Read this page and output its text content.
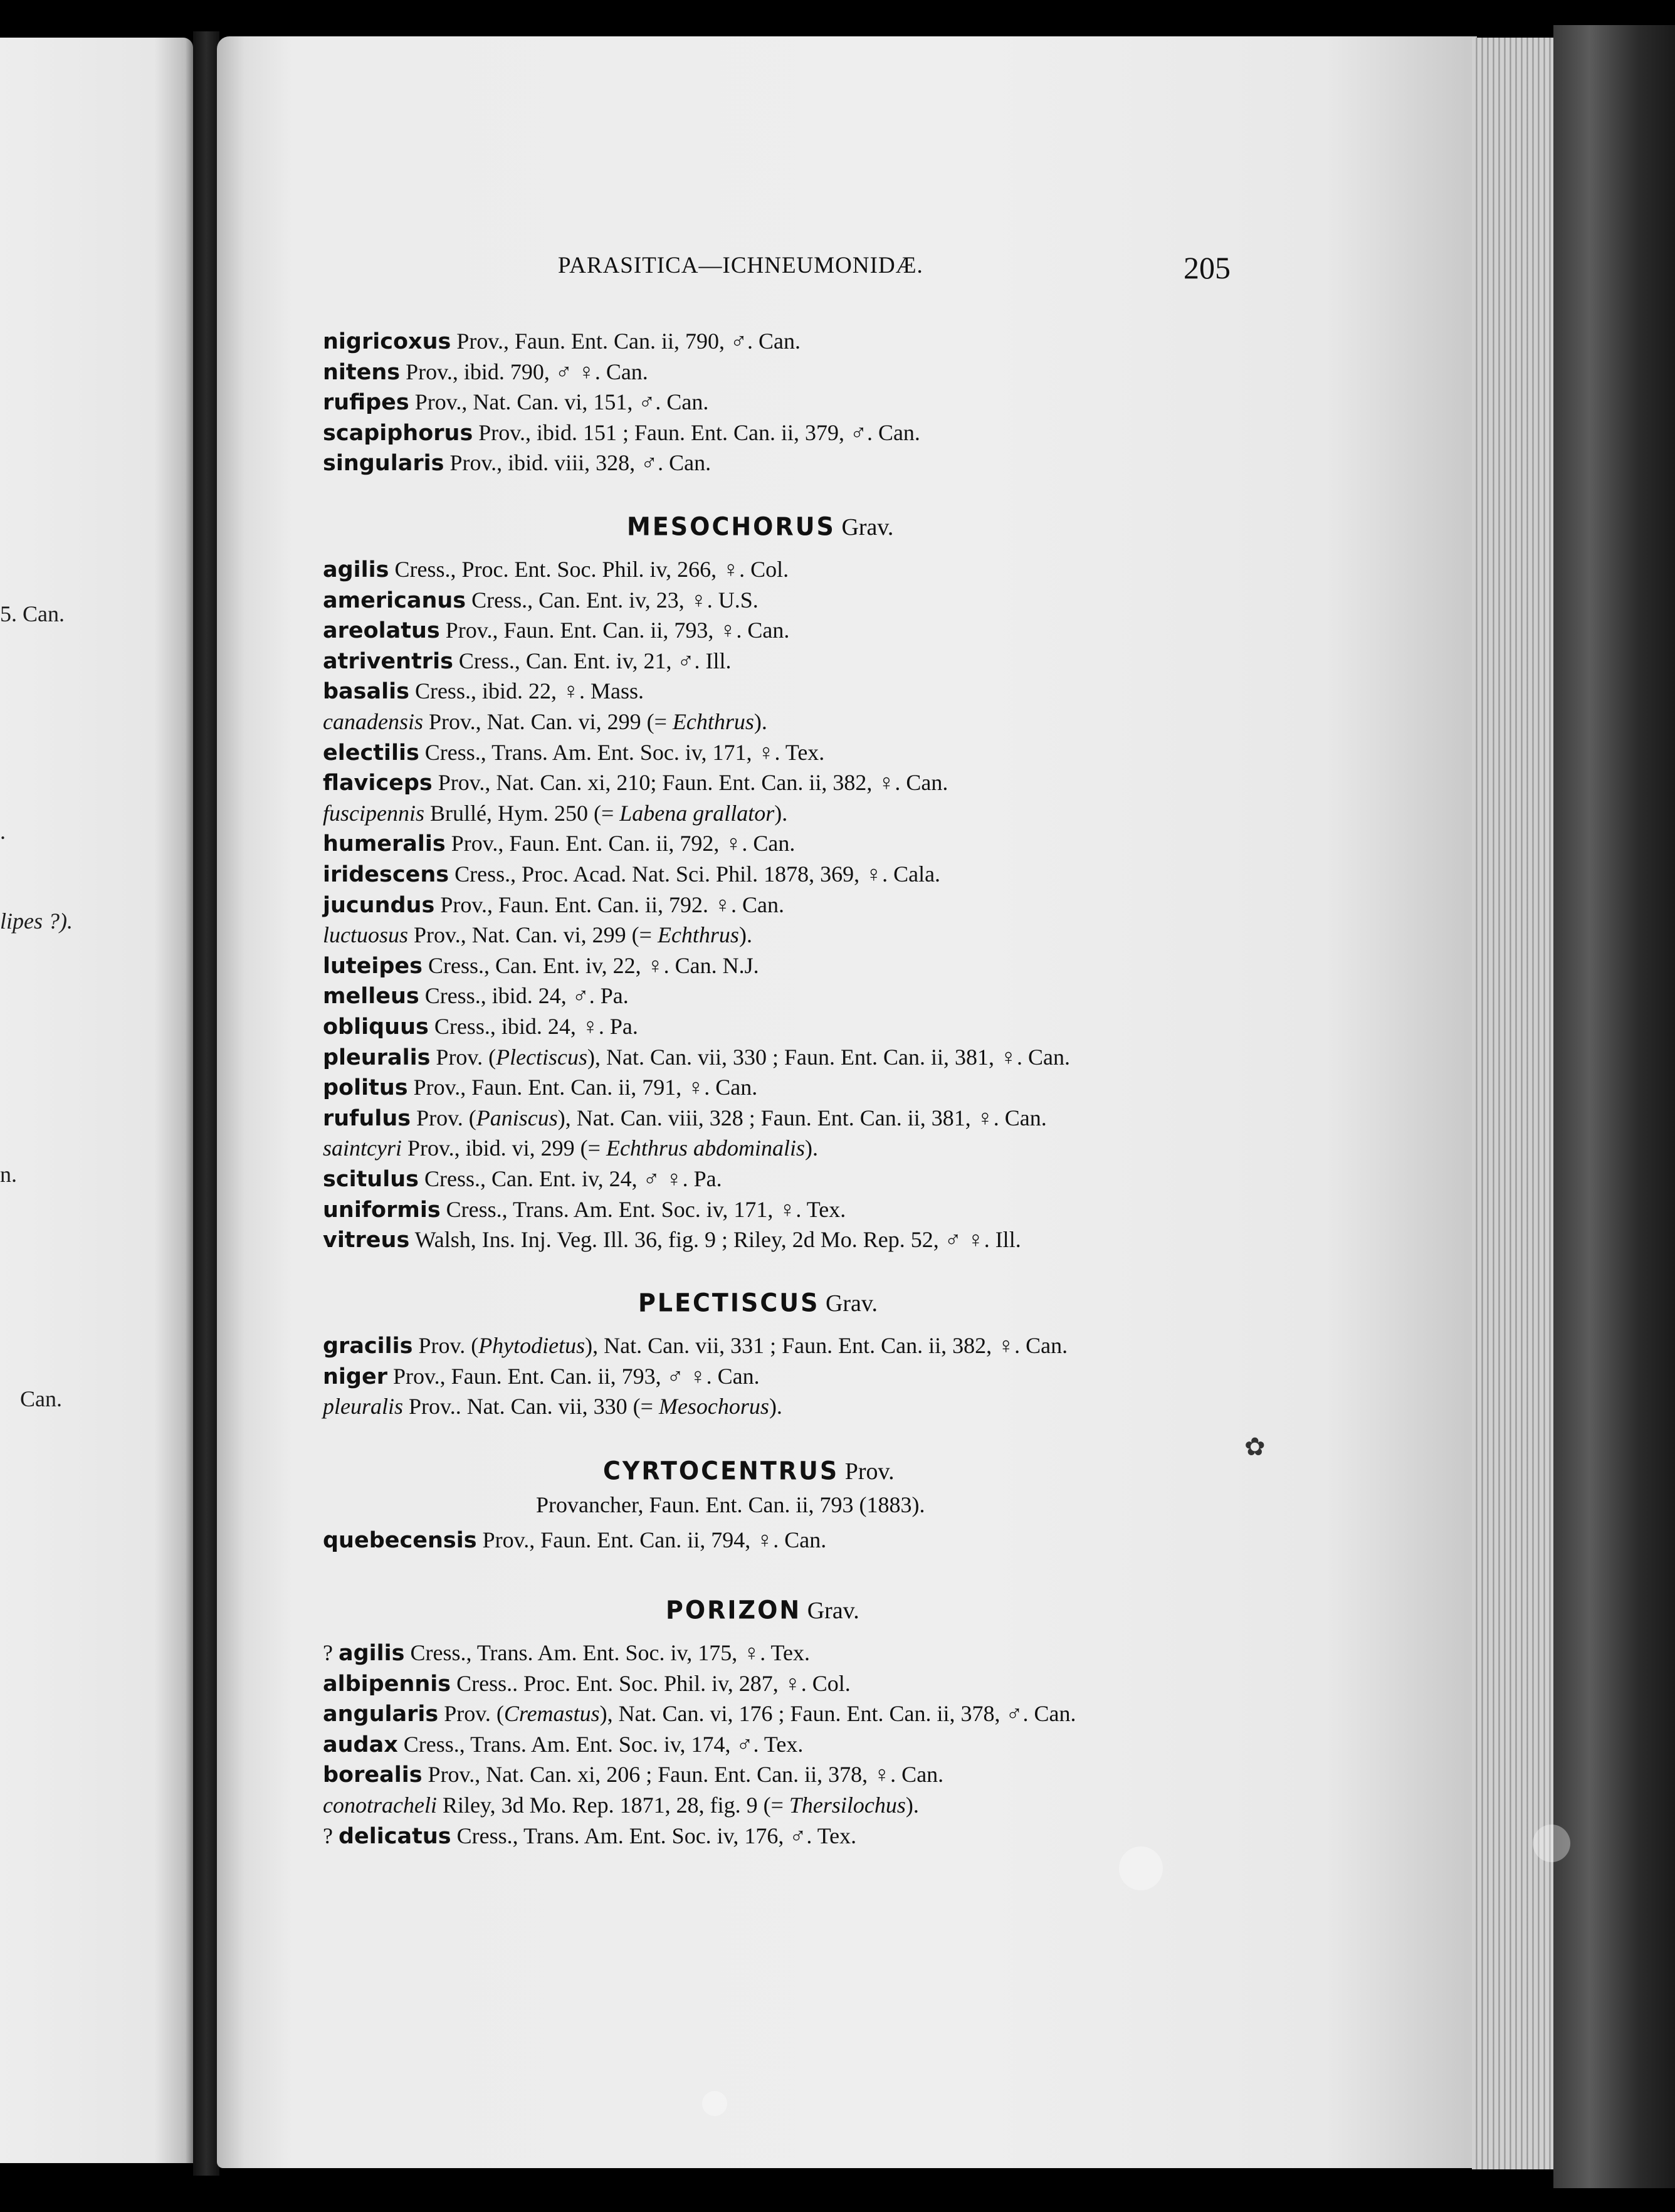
5. Can.
.
lipes ?).
n.
Can.
PARASITICA—ICHNEUMONIDÆ.	205
nigricoxus Prov., Faun. Ent. Can. ii, 790, ♂. Can.
nitens Prov., ibid. 790, ♂ ♀. Can.
rufipes Prov., Nat. Can. vi, 151, ♂. Can.
scapiphorus Prov., ibid. 151 ; Faun. Ent. Can. ii, 379, ♂. Can.
singularis Prov., ibid. viii, 328, ♂. Can.
MESOCHORUS Grav.
agilis Cress., Proc. Ent. Soc. Phil. iv, 266, ♀. Col.
americanus Cress., Can. Ent. iv, 23, ♀. U.S.
areolatus Prov., Faun. Ent. Can. ii, 793, ♀. Can.
atriventris Cress., Can. Ent. iv, 21, ♂. Ill.
basalis Cress., ibid. 22, ♀. Mass.
canadensis Prov., Nat. Can. vi, 299 (= Echthrus).
electilis Cress., Trans. Am. Ent. Soc. iv, 171, ♀. Tex.
flaviceps Prov., Nat. Can. xi, 210; Faun. Ent. Can. ii, 382, ♀. Can.
fuscipennis Brullé, Hym. 250 (= Labena grallator).
humeralis Prov., Faun. Ent. Can. ii, 792, ♀. Can.
iridescens Cress., Proc. Acad. Nat. Sci. Phil. 1878, 369, ♀. Cala.
jucundus Prov., Faun. Ent. Can. ii, 792. ♀. Can.
luctuosus Prov., Nat. Can. vi, 299 (= Echthrus).
luteipes Cress., Can. Ent. iv, 22, ♀. Can. N.J.
melleus Cress., ibid. 24, ♂. Pa.
obliquus Cress., ibid. 24, ♀. Pa.
pleuralis Prov. (Plectiscus), Nat. Can. vii, 330 ; Faun. Ent. Can. ii, 381, ♀. Can.
politus Prov., Faun. Ent. Can. ii, 791, ♀. Can.
rufulus Prov. (Paniscus), Nat. Can. viii, 328 ; Faun. Ent. Can. ii, 381, ♀. Can.
saintcyri Prov., ibid. vi, 299 (= Echthrus abdominalis).
scitulus Cress., Can. Ent. iv, 24, ♂ ♀. Pa.
uniformis Cress., Trans. Am. Ent. Soc. iv, 171, ♀. Tex.
vitreus Walsh, Ins. Inj. Veg. Ill. 36, fig. 9 ; Riley, 2d Mo. Rep. 52, ♂ ♀. Ill.
PLECTISCUS Grav.
gracilis Prov. (Phytodietus), Nat. Can. vii, 331 ; Faun. Ent. Can. ii, 382, ♀. Can.
niger Prov., Faun. Ent. Can. ii, 793, ♂ ♀. Can.
pleuralis Prov.. Nat. Can. vii, 330 (= Mesochorus).
CYRTOCENTRUS Prov.
Provancher, Faun. Ent. Can. ii, 793 (1883).
quebecensis Prov., Faun. Ent. Can. ii, 794, ♀. Can.
PORIZON Grav.
? agilis Cress., Trans. Am. Ent. Soc. iv, 175, ♀. Tex.
albipennis Cress.. Proc. Ent. Soc. Phil. iv, 287, ♀. Col.
angularis Prov. (Cremastus), Nat. Can. vi, 176 ; Faun. Ent. Can. ii, 378, ♂. Can.
audax Cress., Trans. Am. Ent. Soc. iv, 174, ♂. Tex.
borealis Prov., Nat. Can. xi, 206 ; Faun. Ent. Can. ii, 378, ♀. Can.
conotracheli Riley, 3d Mo. Rep. 1871, 28, fig. 9 (= Thersilochus).
? delicatus Cress., Trans. Am. Ent. Soc. iv, 176, ♂. Tex.
✿
